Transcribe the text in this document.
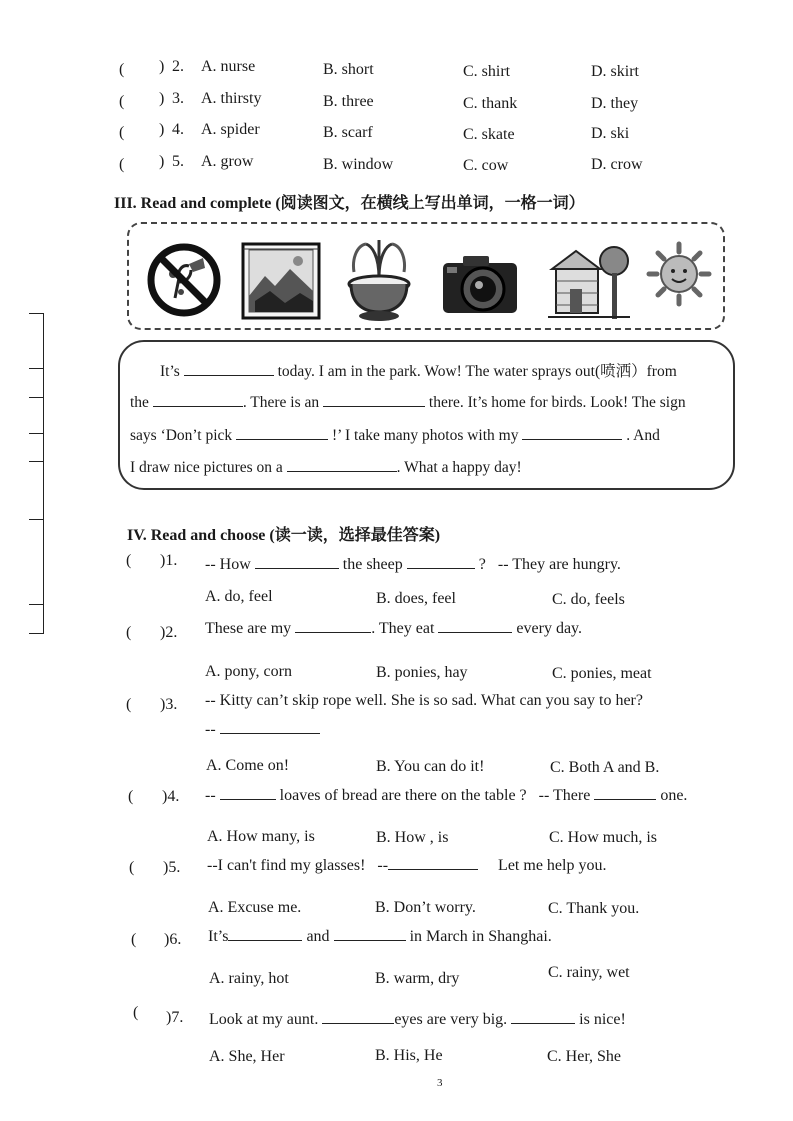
( ) 2. A. nurse	B. short	C. shirt	D. skirt
( ) 3. A. thirsty	B. three	C. thank	D. they
( ) 4. A. spider	B. scarf	C. skate	D. ski
( ) 5. A. grow	B. window	C. cow	D. crow
III. Read and complete (阅读图文，在横线上写出单词，一格一词）
It’s	today. I am in the park. Wow! The water sprays out(喷洒）from
the	. There is an	there. It’s home for birds. Look! The sign
says ‘Don’t pick	!’ I take many photos with my	. And
I draw nice pictures on a	. What a happy day!
IV. Read and choose (读一读，选择最佳答案)
( )1. -- How	the sheep	? -- They are hungry.
A. do, feel	B. does, feel	C. do, feels
( )2. These are my	. They eat	every day.
A. pony, corn	B. ponies, hay	C. ponies, meat
( )3. -- Kitty can’t skip rope well. She is so sad. What can you say to her?
--
A. Come on!	B. You can do it!	C. Both A and B.
( )4. --	loaves of bread are there on the table ? -- There	one.
A. How many, is	B. How , is	C. How much, is
( )5. --I can't find my glasses! --	Let me help you.
A. Excuse me.	B. Don’t worry.	C. Thank you.
( )6. It’s	and	in March in Shanghai.
A. rainy, hot	B. warm, dry	C. rainy, wet
( )7. Look at my aunt.	eyes are very big.	is nice!
A. She, Her	B. His, He	C. Her, She
3
